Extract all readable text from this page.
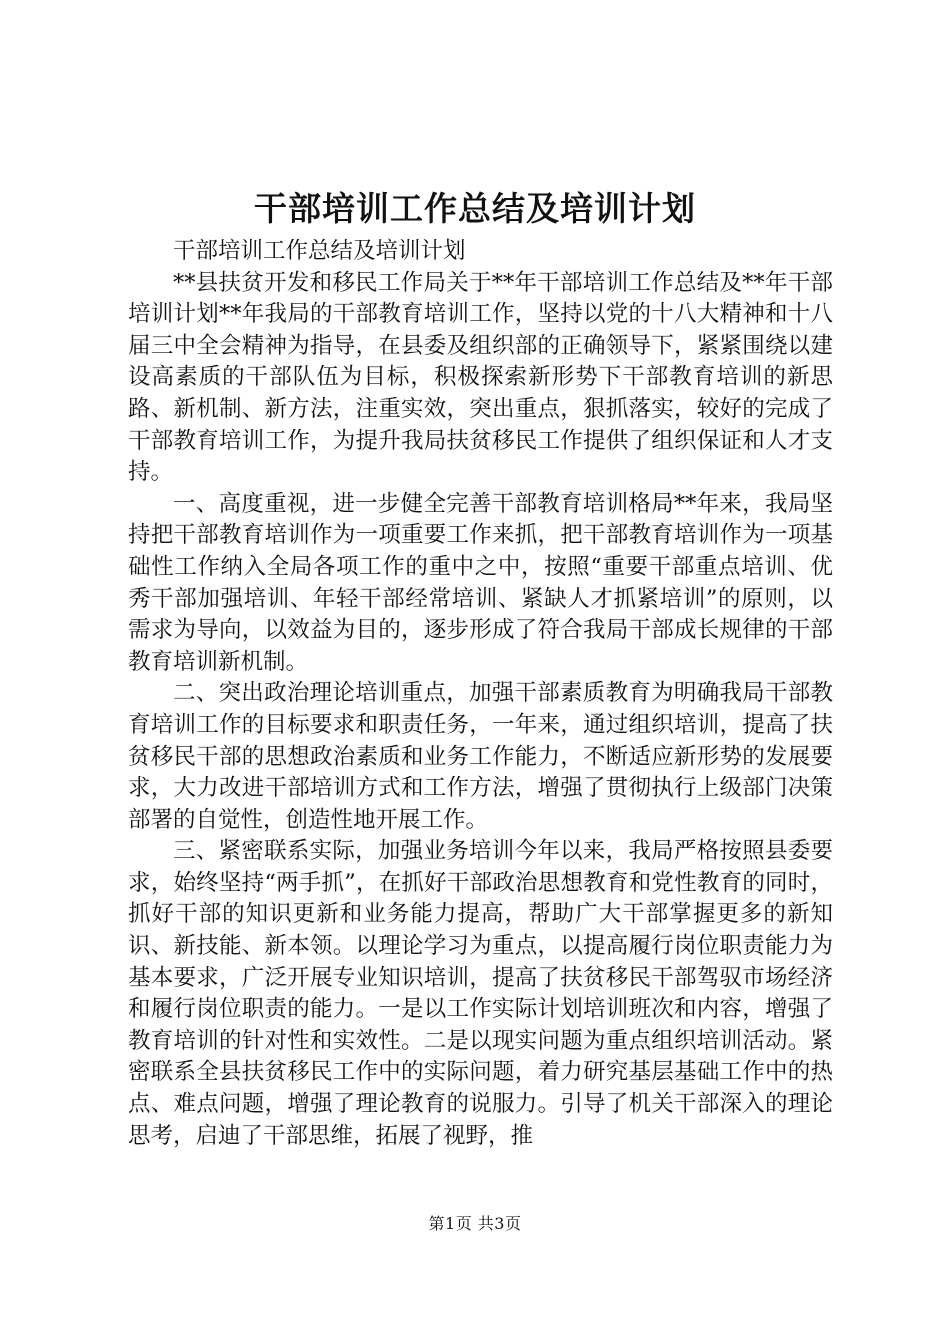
干部培训工作总结及培训计划

干部培训工作总结及培训计划

**县扶贫开发和移民工作局关于**年干部培训工作总结及**年干部培训计划**年我局的干部教育培训工作，坚持以党的十八大精神和十八届三中全会精神为指导，在县委及组织部的正确领导下，紧紧围绕以建设高素质的干部队伍为目标，积极探索新形势下干部教育培训的新思路、新机制、新方法，注重实效，突出重点，狠抓落实，较好的完成了干部教育培训工作，为提升我局扶贫移民工作提供了组织保证和人才支持。

一、高度重视，进一步健全完善干部教育培训格局**年来，我局坚持把干部教育培训作为一项重要工作来抓，把干部教育培训作为一项基础性工作纳入全局各项工作的重中之中，按照“重要干部重点培训、优秀干部加强培训、年轻干部经常培训、紧缺人才抓紧培训”的原则，以需求为导向，以效益为目的，逐步形成了符合我局干部成长规律的干部教育培训新机制。

二、突出政治理论培训重点，加强干部素质教育为明确我局干部教育培训工作的目标要求和职责任务，一年来，通过组织培训，提高了扶贫移民干部的思想政治素质和业务工作能力，不断适应新形势的发展要求，大力改进干部培训方式和工作方法，增强了贯彻执行上级部门决策部署的自觉性，创造性地开展工作。

三、紧密联系实际，加强业务培训今年以来，我局严格按照县委要求，始终坚持“两手抓”，在抓好干部政治思想教育和党性教育的同时，抓好干部的知识更新和业务能力提高，帮助广大干部掌握更多的新知识、新技能、新本领。以理论学习为重点，以提高履行岗位职责能力为基本要求，广泛开展专业知识培训，提高了扶贫移民干部驾驭市场经济和履行岗位职责的能力。一是以工作实际计划培训班次和内容，增强了教育培训的针对性和实效性。二是以现实问题为重点组织培训活动。紧密联系全县扶贫移民工作中的实际问题，着力研究基层基础工作中的热点、难点问题，增强了理论教育的说服力。引导了机关干部深入的理论思考，启迪了干部思维，拓展了视野，推

第1页 共3页
